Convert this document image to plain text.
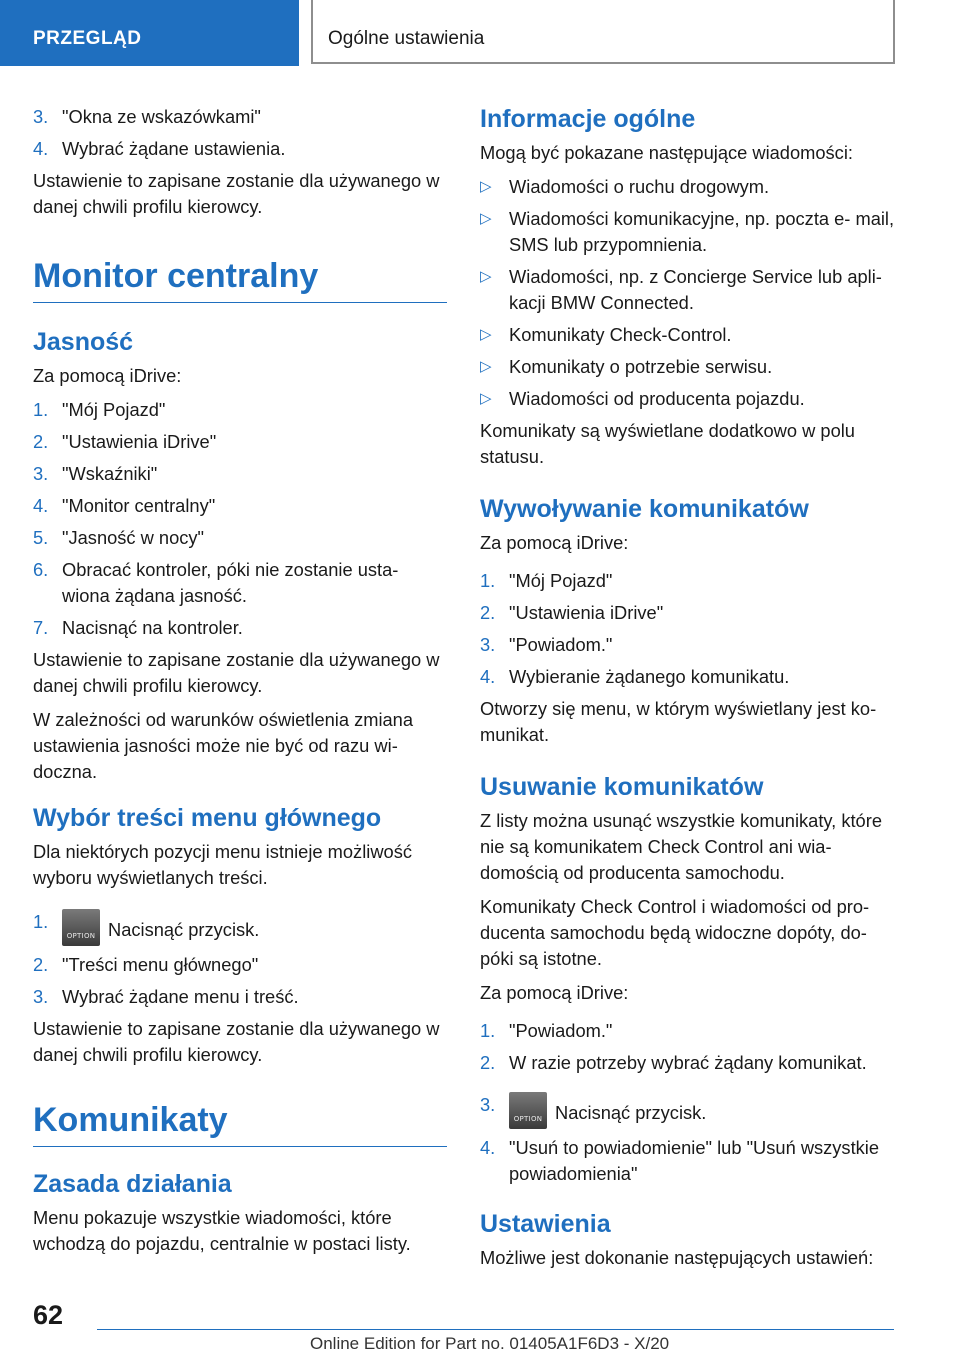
PRZEGLĄD	Ogólne ustawienia
3. "Okna ze wskazówkami"
4. Wybrać żądane ustawienia.

Ustawienie to zapisane zostanie dla używanego w danej chwili profilu kierowcy.

Monitor centralny
Jasność

Za pomocą iDrive:

1. "Mój Pojazd"
2. "Ustawienia iDrive"
3. "Wskaźniki"
4. "Monitor centralny"
5. "Jasność w nocy"
6. Obracać kontroler, póki nie zostanie usta‐ wiona żądana jasność.
7. Nacisnąć na kontroler.

Ustawienie to zapisane zostanie dla używanego w danej chwili profilu kierowcy.

W zależności od warunków oświetlenia zmiana ustawienia jasności może nie być od razu wi‐ doczna.

Wybór treści menu głównego

Dla niektórych pozycji menu istnieje możliwość wyboru wyświetlanych treści.

1.
OPTION Nacisnąć przycisk.
2. "Treści menu głównego"
3. Wybrać żądane menu i treść.

Ustawienie to zapisane zostanie dla używanego w danej chwili profilu kierowcy.

Komunikaty
Zasada działania

Menu pokazuje wszystkie wiadomości, które wchodzą do pojazdu, centralnie w postaci listy.

Informacje ogólne

Mogą być pokazane następujące wiadomości:

▷ Wiadomości o ruchu drogowym.
▷ Wiadomości komunikacyjne, np. poczta e‐ mail, SMS lub przypomnienia.
▷ Wiadomości, np. z Concierge Service lub apli‐ kacji BMW Connected.
▷ Komunikaty Check-Control.
▷ Komunikaty o potrzebie serwisu.
▷ Wiadomości od producenta pojazdu.

Komunikaty są wyświetlane dodatkowo w polu statusu.

Wywoływanie komunikatów

Za pomocą iDrive:

1. "Mój Pojazd"
2. "Ustawienia iDrive"
3. "Powiadom."
4. Wybieranie żądanego komunikatu.

Otworzy się menu, w którym wyświetlany jest ko‐ munikat.

Usuwanie komunikatów

Z listy można usunąć wszystkie komunikaty, które nie są komunikatem Check Control ani wia‐ domością od producenta samochodu.

Komunikaty Check Control i wiadomości od pro‐ ducenta samochodu będą widoczne dopóty, do‐ póki są istotne.

Za pomocą iDrive:

1. "Powiadom."
2. W razie potrzeby wybrać żądany komunikat.
3.
OPTION Nacisnąć przycisk.
4. "Usuń to powiadomienie" lub "Usuń wszystkie powiadomienia"
Ustawienia

Możliwe jest dokonanie następujących ustawień:

62
Online Edition for Part no. 01405A1F6D3 - X/20
